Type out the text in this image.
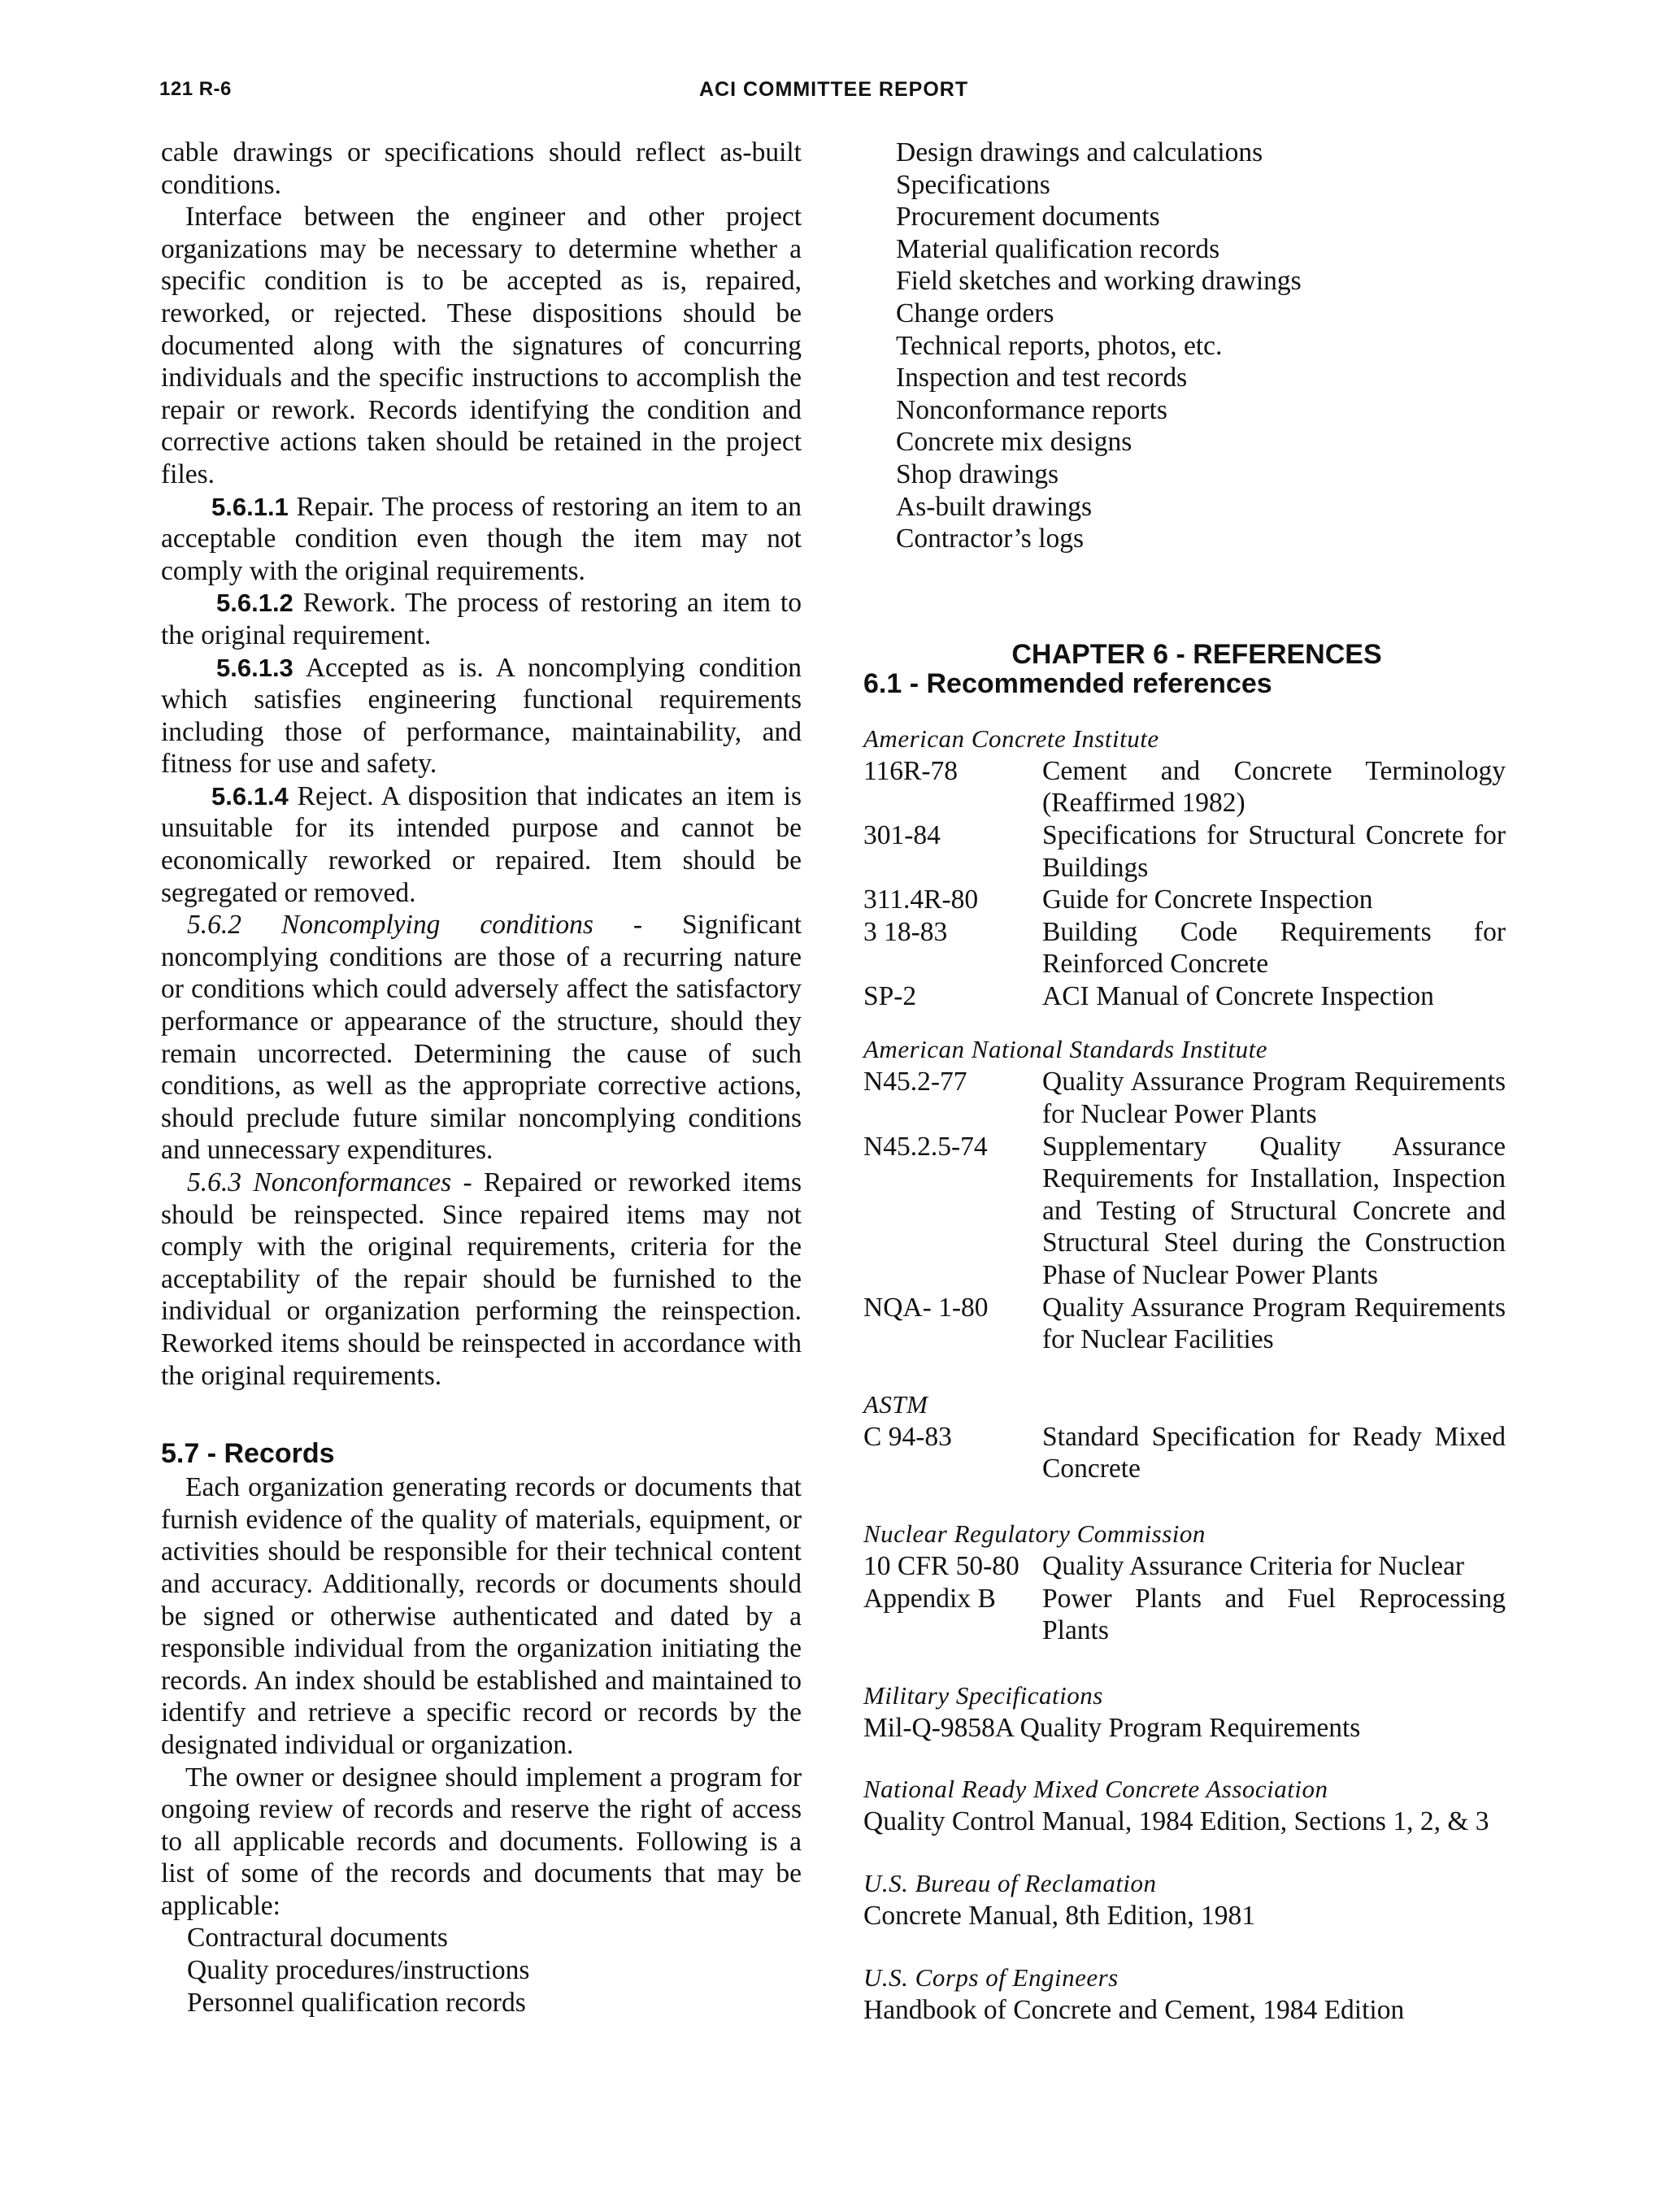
121 R-6	ACI COMMITTEE REPORT

cable drawings or specifications should reflect as-built conditions.

Interface between the engineer and other project organizations may be necessary to determine whether a specific condition is to be accepted as is, repaired, reworked, or rejected. These dispositions should be documented along with the signatures of concurring individuals and the specific instructions to accomplish the repair or rework. Records identifying the condition and corrective actions taken should be retained in the project files.

5.6.1.1 Repair. The process of restoring an item to an acceptable condition even though the item may not comply with the original requirements.

5.6.1.2 Rework. The process of restoring an item to the original requirement.

5.6.1.3 Accepted as is. A noncomplying condition which satisfies engineering functional requirements including those of performance, maintainability, and fitness for use and safety.

5.6.1.4 Reject. A disposition that indicates an item is unsuitable for its intended purpose and cannot be economically reworked or repaired. Item should be segregated or removed.

5.6.2 Noncomplying conditions - Significant noncomplying conditions are those of a recurring nature or conditions which could adversely affect the satisfactory performance or appearance of the structure, should they remain uncorrected. Determining the cause of such conditions, as well as the appropriate corrective actions, should preclude future similar noncomplying conditions and unnecessary expenditures.

5.6.3 Nonconformances - Repaired or reworked items should be reinspected. Since repaired items may not comply with the original requirements, criteria for the acceptability of the repair should be furnished to the individual or organization performing the reinspection. Reworked items should be reinspected in accordance with the original requirements.

5.7 - Records

Each organization generating records or documents that furnish evidence of the quality of materials, equipment, or activities should be responsible for their technical content and accuracy. Additionally, records or documents should be signed or otherwise authenticated and dated by a responsible individual from the organization initiating the records. An index should be established and maintained to identify and retrieve a specific record or records by the designated individual or organization.

The owner or designee should implement a program for ongoing review of records and reserve the right of access to all applicable records and documents. Following is a list of some of the records and documents that may be applicable:

Contractural documents
Quality procedures/instructions
Personnel qualification records
Design drawings and calculations
Specifications
Procurement documents
Material qualification records
Field sketches and working drawings
Change orders
Technical reports, photos, etc.
Inspection and test records
Nonconformance reports
Concrete mix designs
Shop drawings
As-built drawings
Contractor’s logs
CHAPTER 6 - REFERENCES
6.1 - Recommended references
American Concrete Institute
116R-78	Cement and Concrete Terminology (Reaffirmed 1982)
301-84	Specifications for Structural Concrete for Buildings
311.4R-80	Guide for Concrete Inspection
3 18-83	Building Code Requirements for Reinforced Concrete
SP-2	ACI Manual of Concrete Inspection
American National Standards Institute
N45.2-77	Quality Assurance Program Requirements for Nuclear Power Plants
N45.2.5-74	Supplementary Quality Assurance Requirements for Installation, Inspection and Testing of Structural Concrete and Structural Steel during the Construction Phase of Nuclear Power Plants
NQA- 1-80	Quality Assurance Program Requirements for Nuclear Facilities
ASTM
C 94-83	Standard Specification for Ready Mixed Concrete
Nuclear Regulatory Commission
10 CFR 50-80	Quality Assurance Criteria for Nuclear
Appendix B	Power Plants and Fuel Reprocessing Plants
Military Specifications
Mil-Q-9858A Quality Program Requirements
National Ready Mixed Concrete Association
Quality Control Manual, 1984 Edition, Sections 1, 2, & 3
U.S. Bureau of Reclamation
Concrete Manual, 8th Edition, 1981
U.S. Corps of Engineers
Handbook of Concrete and Cement, 1984 Edition
